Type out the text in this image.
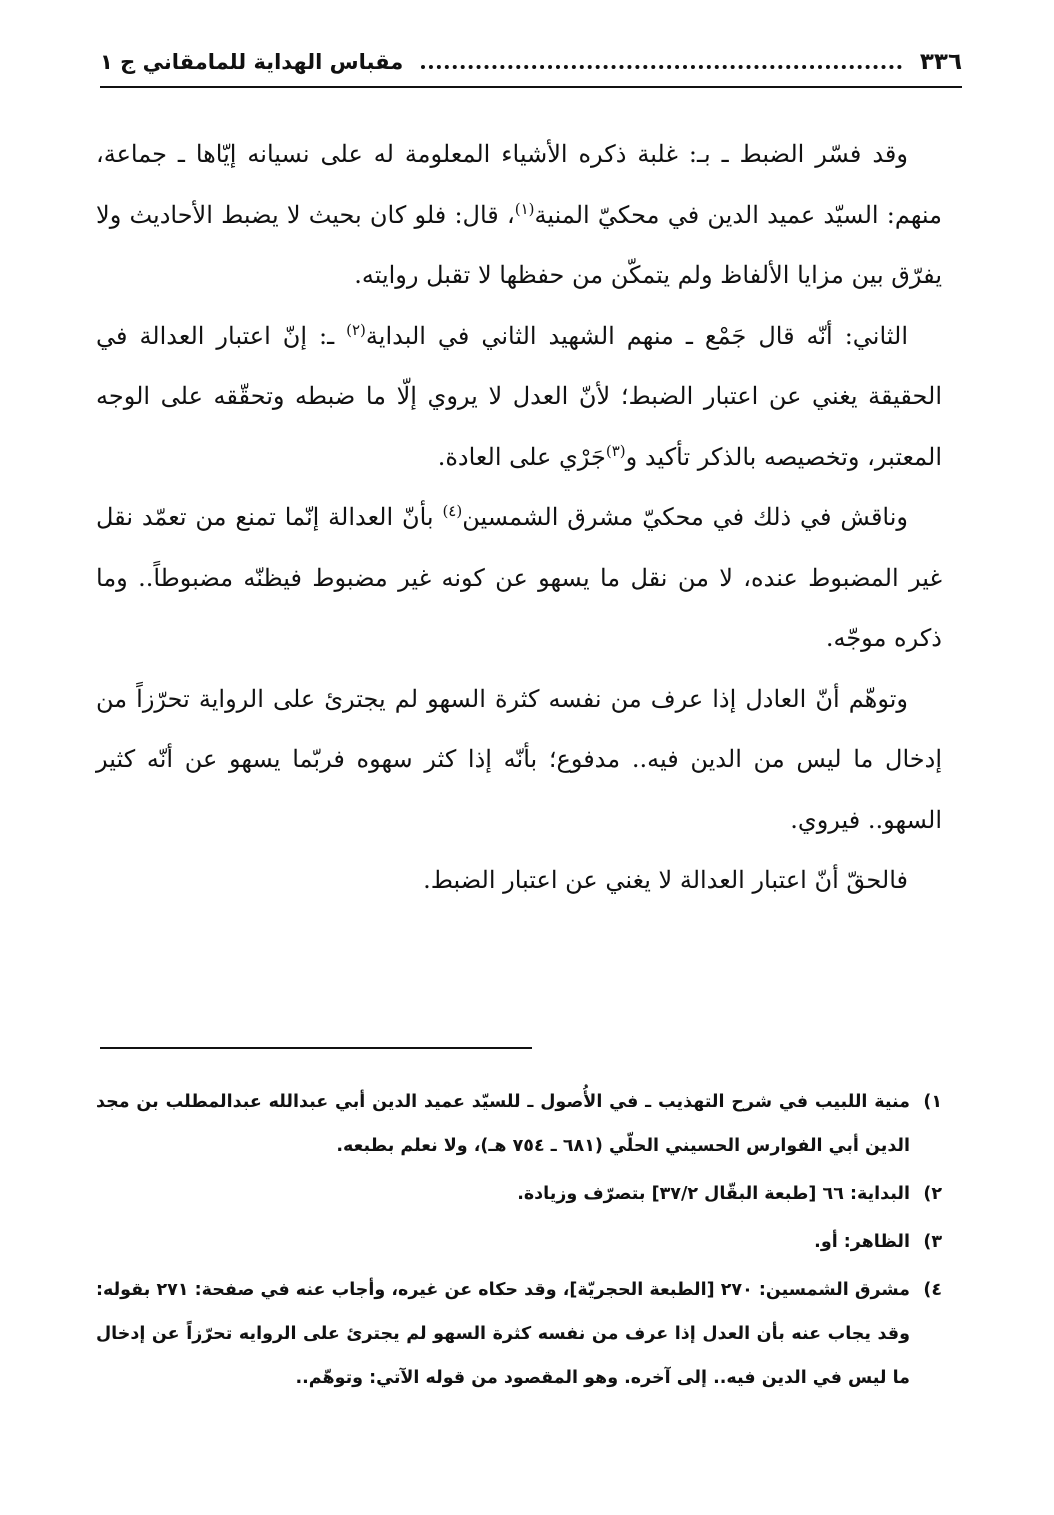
٣٣٦
مقباس الهداية للمامقاني ج ١

وقد فسّر الضبط ـ بـ: غلبة ذكره الأشياء المعلومة له على نسيانه إيّاها ـ جماعة، منهم: السيّد عميد الدين في محكيّ المنية$^{(١)}$، قال: فلو كان بحيث لا يضبط الأحاديث ولا يفرّق بين مزايا الألفاظ ولم يتمكّن من حفظها لا تقبل روايته.

الثاني: أنّه قال جَمْع ـ منهم الشهيد الثاني في البداية$^{(٢)}$ ـ: إنّ اعتبار العدالة في الحقيقة يغني عن اعتبار الضبط؛ لأنّ العدل لا يروي إلّا ما ضبطه وتحقّقه على الوجه المعتبر، وتخصيصه بالذكر تأكيد و$^{(٣)}$جَرْي على العادة.

وناقش في ذلك في محكيّ مشرق الشمسين$^{(٤)}$ بأنّ العدالة إنّما تمنع من تعمّد نقل غير المضبوط عنده، لا من نقل ما يسهو عن كونه غير مضبوط فيظنّه مضبوطاً.. وما ذكره موجّه.

وتوهّم أنّ العادل إذا عرف من نفسه كثرة السهو لم يجترئ على الرواية تحرّزاً من إدخال ما ليس من الدين فيه.. مدفوع؛ بأنّه إذا كثر سهوه فربّما يسهو عن أنّه كثير السهو.. فيروي.

فالحقّ أنّ اعتبار العدالة لا يغني عن اعتبار الضبط.

١)
منية اللبيب في شرح التهذيب ـ في الأُصول ـ للسيّد عميد الدين أبي عبدالله عبدالمطلب بن مجد الدين أبي الفوارس الحسيني الحلّي (٦٨١ ـ ٧٥٤ هـ)، ولا نعلم بطبعه.
٢)
البداية: ٦٦ [طبعة البقّال ٣٧/٢] بتصرّف وزيادة.
٣)
الظاهر: أو.
٤)
مشرق الشمسين: ٢٧٠ [الطبعة الحجريّة]، وقد حكاه عن غيره، وأجاب عنه في صفحة: ٢٧١ بقوله: وقد يجاب عنه بأن العدل إذا عرف من نفسه كثرة السهو لم يجترئ على الروايه تحرّزاً عن إدخال ما ليس في الدين فيه.. إلى آخره. وهو المقصود من قوله الآتي: وتوهّم..
